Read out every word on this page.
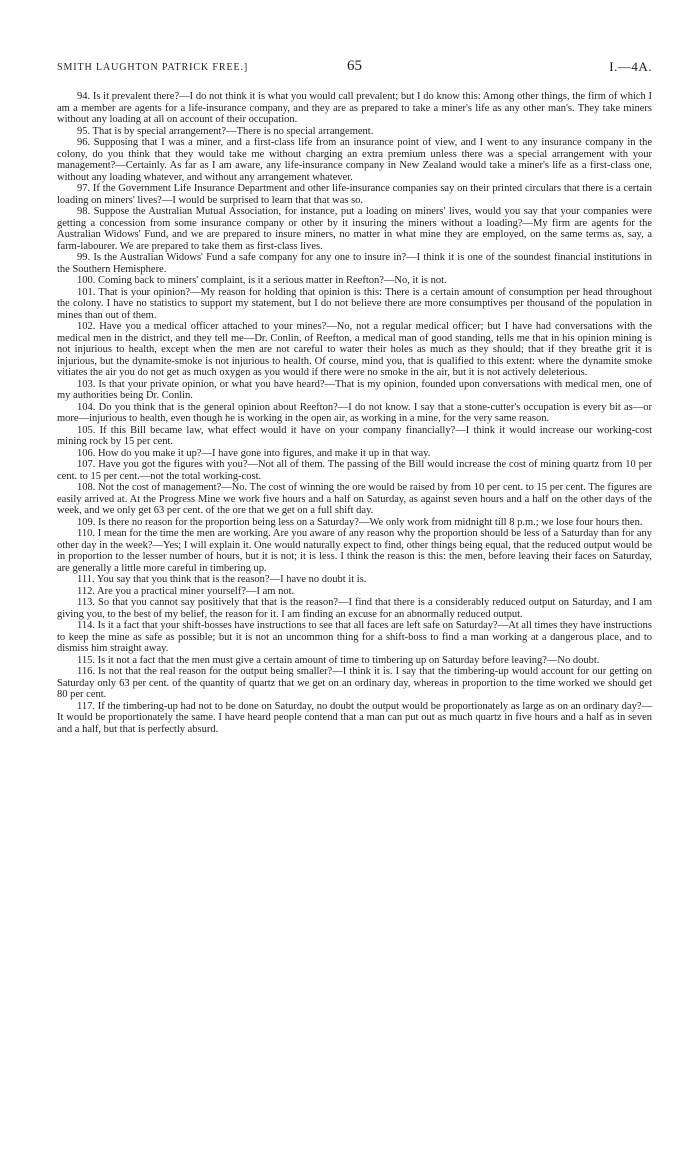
SMITH LAUGHTON PATRICK FREE.]	65	I.—4A.

94. Is it prevalent there?—I do not think it is what you would call prevalent; but I do know this: Among other things, the firm of which I am a member are agents for a life-insurance company, and they are as prepared to take a miner's life as any other man's. They take miners without any loading at all on account of their occupation.

95. That is by special arrangement?—There is no special arrangement.

96. Supposing that I was a miner, and a first-class life from an insurance point of view, and I went to any insurance company in the colony, do you think that they would take me without charging an extra premium unless there was a special arrangement with your management?—Certainly. As far as I am aware, any life-insurance company in New Zealand would take a miner's life as a first-class one, without any loading whatever, and without any arrangement whatever.

97. If the Government Life Insurance Department and other life-insurance companies say on their printed circulars that there is a certain loading on miners' lives?—I would be surprised to learn that that was so.

98. Suppose the Australian Mutual Association, for instance, put a loading on miners' lives, would you say that your companies were getting a concession from some insurance company or other by it insuring the miners without a loading?—My firm are agents for the Australian Widows' Fund, and we are prepared to insure miners, no matter in what mine they are employed, on the same terms as, say, a farm-labourer. We are prepared to take them as first-class lives.

99. Is the Australian Widows' Fund a safe company for any one to insure in?—I think it is one of the soundest financial institutions in the Southern Hemisphere.

100. Coming back to miners' complaint, is it a serious matter in Reefton?—No, it is not.

101. That is your opinion?—My reason for holding that opinion is this: There is a certain amount of consumption per head throughout the colony. I have no statistics to support my statement, but I do not believe there are more consumptives per thousand of the population in mines than out of them.

102. Have you a medical officer attached to your mines?—No, not a regular medical officer; but I have had conversations with the medical men in the district, and they tell me—Dr. Conlin, of Reefton, a medical man of good standing, tells me that in his opinion mining is not injurious to health, except when the men are not careful to water their holes as much as they should; that if they breathe grit it is injurious, but the dynamite-smoke is not injurious to health. Of course, mind you, that is qualified to this extent: where the dynamite smoke vitiates the air you do not get as much oxygen as you would if there were no smoke in the air, but it is not actively deleterious.

103. Is that your private opinion, or what you have heard?—That is my opinion, founded upon conversations with medical men, one of my authorities being Dr. Conlin.

104. Do you think that is the general opinion about Reefton?—I do not know. I say that a stone-cutter's occupation is every bit as—or more—injurious to health, even though he is working in the open air, as working in a mine, for the very same reason.

105. If this Bill became law, what effect would it have on your company financially?—I think it would increase our working-cost mining rock by 15 per cent.

106. How do you make it up?—I have gone into figures, and make it up in that way.

107. Have you got the figures with you?—Not all of them. The passing of the Bill would increase the cost of mining quartz from 10 per cent. to 15 per cent.—not the total working-cost.

108. Not the cost of management?—No. The cost of winning the ore would be raised by from 10 per cent. to 15 per cent. The figures are easily arrived at. At the Progress Mine we work five hours and a half on Saturday, as against seven hours and a half on the other days of the week, and we only get 63 per cent. of the ore that we get on a full shift day.

109. Is there no reason for the proportion being less on a Saturday?—We only work from midnight till 8 p.m.; we lose four hours then.

110. I mean for the time the men are working. Are you aware of any reason why the proportion should be less of a Saturday than for any other day in the week?—Yes; I will explain it. One would naturally expect to find, other things being equal, that the reduced output would be in proportion to the lesser number of hours, but it is not; it is less. I think the reason is this: the men, before leaving their faces on Saturday, are generally a little more careful in timbering up.

111. You say that you think that is the reason?—I have no doubt it is.

112. Are you a practical miner yourself?—I am not.

113. So that you cannot say positively that that is the reason?—I find that there is a considerably reduced output on Saturday, and I am giving you, to the best of my belief, the reason for it. I am finding an excuse for an abnormally reduced output.

114. Is it a fact that your shift-bosses have instructions to see that all faces are left safe on Saturday?—At all times they have instructions to keep the mine as safe as possible; but it is not an uncommon thing for a shift-boss to find a man working at a dangerous place, and to dismiss him straight away.

115. Is it not a fact that the men must give a certain amount of time to timbering up on Saturday before leaving?—No doubt.

116. Is not that the real reason for the output being smaller?—I think it is. I say that the timbering-up would account for our getting on Saturday only 63 per cent. of the quantity of quartz that we get on an ordinary day, whereas in proportion to the time worked we should get 80 per cent.

117. If the timbering-up had not to be done on Saturday, no doubt the output would be proportionately as large as on an ordinary day?—It would be proportionately the same. I have heard people contend that a man can put out as much quartz in five hours and a half as in seven and a half, but that is perfectly absurd.
